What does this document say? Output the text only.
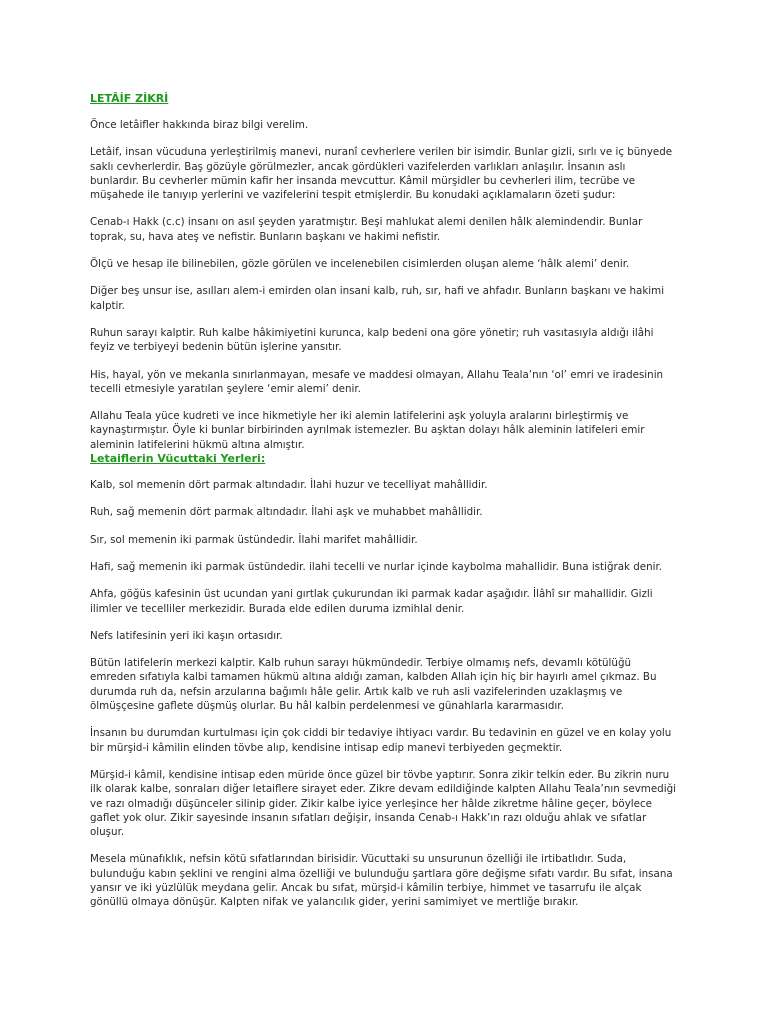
LETÂİF ZİKRİ

Önce letâifler hakkında biraz bilgi verelim.

Letâif, insan vücuduna yerleştirilmiş manevi, nuranî cevherlere verilen bir isimdir. Bunlar gizli, sırlı ve iç bünyede saklı cevherlerdir. Baş gözüyle görülmezler, ancak gördükleri vazifelerden varlıkları anlaşılır. İnsanın aslı bunlardır. Bu cevherler mümin kafir her insanda mevcuttur. Kâmil mürşidler bu cevherleri ilim, tecrübe ve müşahede ile tanıyıp yerlerini ve vazifelerini tespit etmişlerdir. Bu konudaki açıklamaların özeti şudur:

Cenab-ı Hakk (c.c) insanı on asıl şeyden yaratmıştır. Beşi mahlukat alemi denilen hâlk alemindendir. Bunlar toprak, su, hava ateş ve nefistir. Bunların başkanı ve hakimi nefistir.

Ölçü ve hesap ile bilinebilen, gözle görülen ve incelenebilen cisimlerden oluşan aleme ‘hâlk alemi’ denir.

Diğer beş unsur ise, asılları alem-i emirden olan insani kalb, ruh, sır, hafi ve ahfadır. Bunların başkanı ve hakimi kalptir.

Ruhun sarayı kalptir. Ruh kalbe hâkimiyetini kurunca, kalp bedeni ona göre yönetir; ruh vasıtasıyla aldığı ilâhi feyiz ve terbiyeyi bedenin bütün işlerine yansıtır.

His, hayal, yön ve mekanla sınırlanmayan, mesafe ve maddesi olmayan, Allahu Teala’nın ‘ol’ emri ve iradesinin tecelli etmesiyle yaratılan şeylere ‘emir alemi’ denir.

Allahu Teala yüce kudreti ve ince hikmetiyle her iki alemin latifelerini aşk yoluyla aralarını birleştirmiş ve kaynaştırmıştır. Öyle ki bunlar birbirinden ayrılmak istemezler. Bu aşktan dolayı hâlk aleminin latifeleri emir aleminin latifelerini hükmü altına almıştır.

Letaiflerin Vücuttaki Yerleri:

Kalb, sol memenin dört parmak altındadır. İlahi huzur ve tecelliyat mahâllidir.

Ruh, sağ memenin dört parmak altındadır. İlahi aşk ve muhabbet mahâllidir.

Sır, sol memenin iki parmak üstündedir. İlahi marifet mahâllidir.

Hafi, sağ memenin iki parmak üstündedir. ilahi tecelli ve nurlar içinde kaybolma mahallidir. Buna istiğrak denir.

Ahfa, göğüs kafesinin üst ucundan yani gırtlak çukurundan iki parmak kadar aşağıdır. İlâhî sır mahallidir. Gizli ilimler ve tecelliler merkezidir. Burada elde edilen duruma izmihlal denir.

Nefs latifesinin yeri iki kaşın ortasıdır.

Bütün latifelerin merkezi kalptir. Kalb ruhun sarayı hükmündedir. Terbiye olmamış nefs, devamlı kötülüğü emreden sıfatıyla kalbi tamamen hükmü altına aldığı zaman, kalbden Allah için hiç bir hayırlı amel çıkmaz. Bu durumda ruh da, nefsin arzularına bağımlı hâle gelir. Artık kalb ve ruh asli vazifelerinden uzaklaşmış ve ölmüşçesine gaflete düşmüş olurlar. Bu hâl kalbin perdelenmesi ve günahlarla kararmasıdır.

İnsanın bu durumdan kurtulması için çok ciddi bir tedaviye ihtiyacı vardır. Bu tedavinin en güzel ve en kolay yolu bir mürşid-i kâmilin elinden tövbe alıp, kendisine intisap edip manevi terbiyeden geçmektir.

Mürşid-i kâmil, kendisine intisap eden müride önce güzel bir tövbe yaptırır. Sonra zikir telkin eder. Bu zikrin nuru ilk olarak kalbe, sonraları diğer letaiflere sirayet eder. Zikre devam edildiğinde kalpten Allahu Teala’nın sevmediği ve razı olmadığı düşünceler silinip gider. Zikir kalbe iyice yerleşince her hâlde zikretme hâline geçer, böylece gaflet yok olur. Zikir sayesinde insanın sıfatları değişir, insanda Cenab-ı Hakk’ın razı olduğu ahlak ve sıfatlar oluşur.

Mesela münafıklık, nefsin kötü sıfatlarından birisidir. Vücuttaki su unsurunun özelliği ile irtibatlıdır. Suda, bulunduğu kabın şeklini ve rengini alma özelliği ve bulunduğu şartlara göre değişme sıfatı vardır. Bu sıfat, insana yansır ve iki yüzlülük meydana gelir. Ancak bu sıfat, mürşid-i kâmilin terbiye, himmet ve tasarrufu ile alçak gönüllü olmaya dönüşür. Kalpten nifak ve yalancılık gider, yerini samimiyet ve mertliğe bırakır.
